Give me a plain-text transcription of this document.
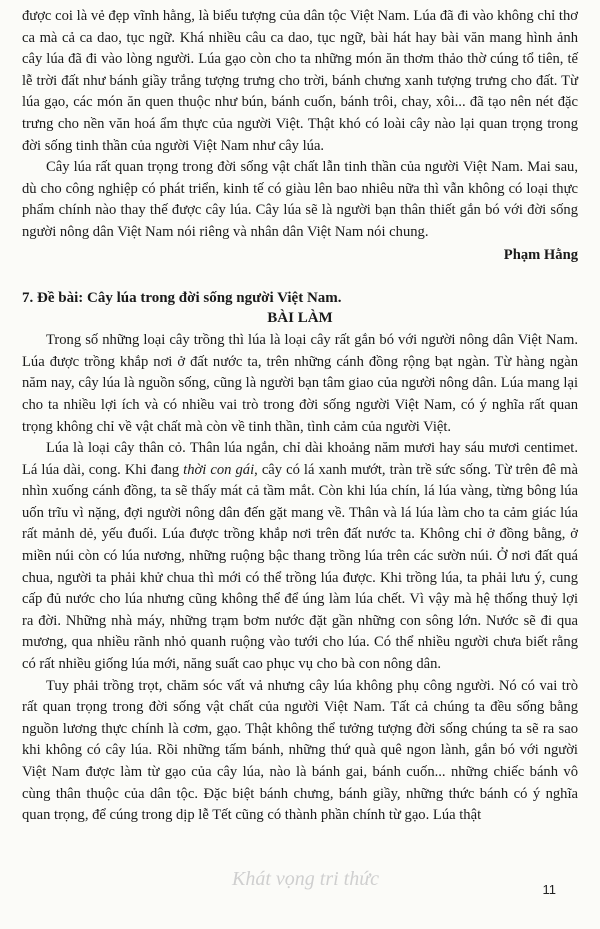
được coi là vẻ đẹp vĩnh hằng, là biểu tượng của dân tộc Việt Nam. Lúa đã đi vào không chỉ thơ ca mà cả ca dao, tục ngữ. Khá nhiều câu ca dao, tục ngữ, bài hát hay bài văn mang hình ảnh cây lúa đã đi vào lòng người. Lúa gạo còn cho ta những món ăn thơm thảo thờ cúng tổ tiên, tế lễ trời đất như bánh giầy trắng tượng trưng cho trời, bánh chưng xanh tượng trưng cho đất. Từ lúa gạo, các món ăn quen thuộc như bún, bánh cuốn, bánh trôi, chay, xôi... đã tạo nên nét đặc trưng cho nền văn hoá ẩm thực của người Việt. Thật khó có loài cây nào lại quan trọng trong đời sống tinh thần của người Việt Nam như cây lúa.

Cây lúa rất quan trọng trong đời sống vật chất lẫn tinh thần của người Việt Nam. Mai sau, dù cho công nghiệp có phát triển, kinh tế có giàu lên bao nhiêu nữa thì vẫn không có loại thực phẩm chính nào thay thế được cây lúa. Cây lúa sẽ là người bạn thân thiết gắn bó với đời sống người nông dân Việt Nam nói riêng và nhân dân Việt Nam nói chung.

Phạm Hằng
7. Đề bài: Cây lúa trong đời sống người Việt Nam.
BÀI LÀM

Trong số những loại cây trồng thì lúa là loại cây rất gắn bó với người nông dân Việt Nam. Lúa được trồng khắp nơi ở đất nước ta, trên những cánh đồng rộng bạt ngàn. Từ hàng ngàn năm nay, cây lúa là nguồn sống, cũng là người bạn tâm giao của người nông dân. Lúa mang lại cho ta nhiều lợi ích và có nhiều vai trò trong đời sống người Việt Nam, có ý nghĩa rất quan trọng không chỉ về vật chất mà còn về tinh thần, tình cảm của người Việt.

Lúa là loại cây thân cỏ. Thân lúa ngắn, chỉ dài khoảng năm mươi hay sáu mươi centimet. Lá lúa dài, cong. Khi đang thời con gái, cây có lá xanh mướt, tràn trề sức sống. Từ trên đê mà nhìn xuống cánh đồng, ta sẽ thấy mát cả tầm mắt. Còn khi lúa chín, lá lúa vàng, từng bông lúa uốn trĩu vì nặng, đợi người nông dân đến gặt mang về. Thân và lá lúa làm cho ta cảm giác lúa rất mảnh dẻ, yếu đuối. Lúa được trồng khắp nơi trên đất nước ta. Không chỉ ở đồng bằng, ở miền núi còn có lúa nương, những ruộng bậc thang trồng lúa trên các sườn núi. Ở nơi đất quá chua, người ta phải khử chua thì mới có thể trồng lúa được. Khi trồng lúa, ta phải lưu ý, cung cấp đủ nước cho lúa nhưng cũng không thể để úng làm lúa chết. Vì vậy mà hệ thống thuỷ lợi ra đời. Những nhà máy, những trạm bơm nước đặt gần những con sông lớn. Nước sẽ đi qua mương, qua nhiều rãnh nhỏ quanh ruộng vào tưới cho lúa. Có thể nhiều người chưa biết rằng có rất nhiều giống lúa mới, năng suất cao phục vụ cho bà con nông dân.

Tuy phải trồng trọt, chăm sóc vất vả nhưng cây lúa không phụ công người. Nó có vai trò rất quan trọng trong đời sống vật chất của người Việt Nam. Tất cả chúng ta đều sống bằng nguồn lương thực chính là cơm, gạo. Thật không thể tưởng tượng đời sống chúng ta sẽ ra sao khi không có cây lúa. Rồi những tấm bánh, những thứ quà quê ngon lành, gắn bó với người Việt Nam được làm từ gạo của cây lúa, nào là bánh gai, bánh cuốn... những chiếc bánh vô cùng thân thuộc của dân tộc. Đặc biệt bánh chưng, bánh giầy, những thức bánh có ý nghĩa quan trọng, để cúng trong dịp lễ Tết cũng có thành phần chính từ gạo. Lúa thật

Khát vọng tri thức	11
